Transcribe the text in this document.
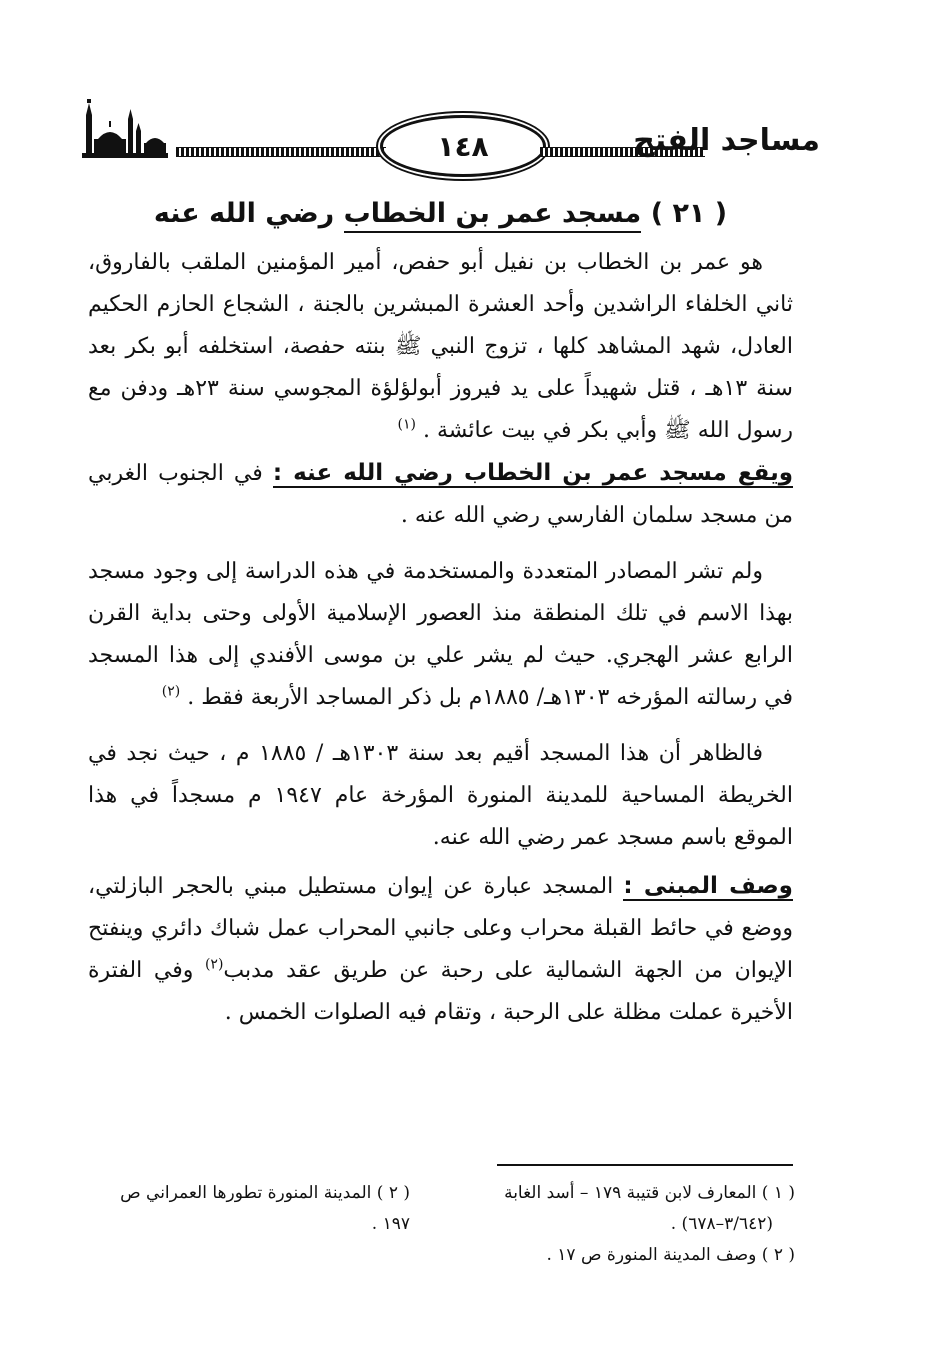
١٤٨	مساجد الفتح
( ٢١ ) مسجد عمر بن الخطاب رضي الله عنه

هو عمر بن الخطاب بن نفيل أبو حفص، أمير المؤمنين الملقب بالفاروق، ثاني الخلفاء الراشدين وأحد العشرة المبشرين بالجنة ، الشجاع الحازم الحكيم العادل، شهد المشاهد كلها ، تزوج النبي ﷺ بنته حفصة، استخلفه أبو بكر بعد سنة ١٣هـ ، قتل شهيداً على يد فيروز أبولؤلؤة المجوسي سنة ٢٣هـ ودفن مع رسول الله ﷺ وأبي بكر في بيت عائشة . $^{(١)}$

ويقع مسجد عمر بن الخطاب رضي الله عنه : في الجنوب الغربي من مسجد سلمان الفارسي رضي الله عنه .

ولم تشر المصادر المتعددة والمستخدمة في هذه الدراسة إلى وجود مسجد بهذا الاسم في تلك المنطقة منذ العصور الإسلامية الأولى وحتى بداية القرن الرابع عشر الهجري. حيث لم يشر علي بن موسى الأفندي إلى هذا المسجد في رسالته المؤرخه ١٣٠٣هـ/ ١٨٨٥م بل ذكر المساجد الأربعة فقط . $^{(٢)}$

فالظاهر أن هذا المسجد أقيم بعد سنة ١٣٠٣هـ / ١٨٨٥ م ، حيث نجد في الخريطة المساحية للمدينة المنورة المؤرخة عام ١٩٤٧ م مسجداً في هذا الموقع باسم مسجد عمر رضي الله عنه.

وصف المبنى : المسجد عبارة عن إيوان مستطيل مبني بالحجر البازلتي، ووضع في حائط القبلة محراب وعلى جانبي المحراب عمل شباك دائري وينفتح الإيوان من الجهة الشمالية على رحبة عن طريق عقد مدبب$^{(٢)}$ وفي الفترة الأخيرة عملت مظلة على الرحبة ، وتقام فيه الصلوات الخمس .

( ١ ) المعارف لابن قتيبة ١٧٩ – أسد الغابة

(٣/٦٤٢–٦٧٨) .

( ٢ ) وصف المدينة المنورة ص ١٧ .

( ٢ ) المدينة المنورة تطورها العمراني ص

١٩٧ .
